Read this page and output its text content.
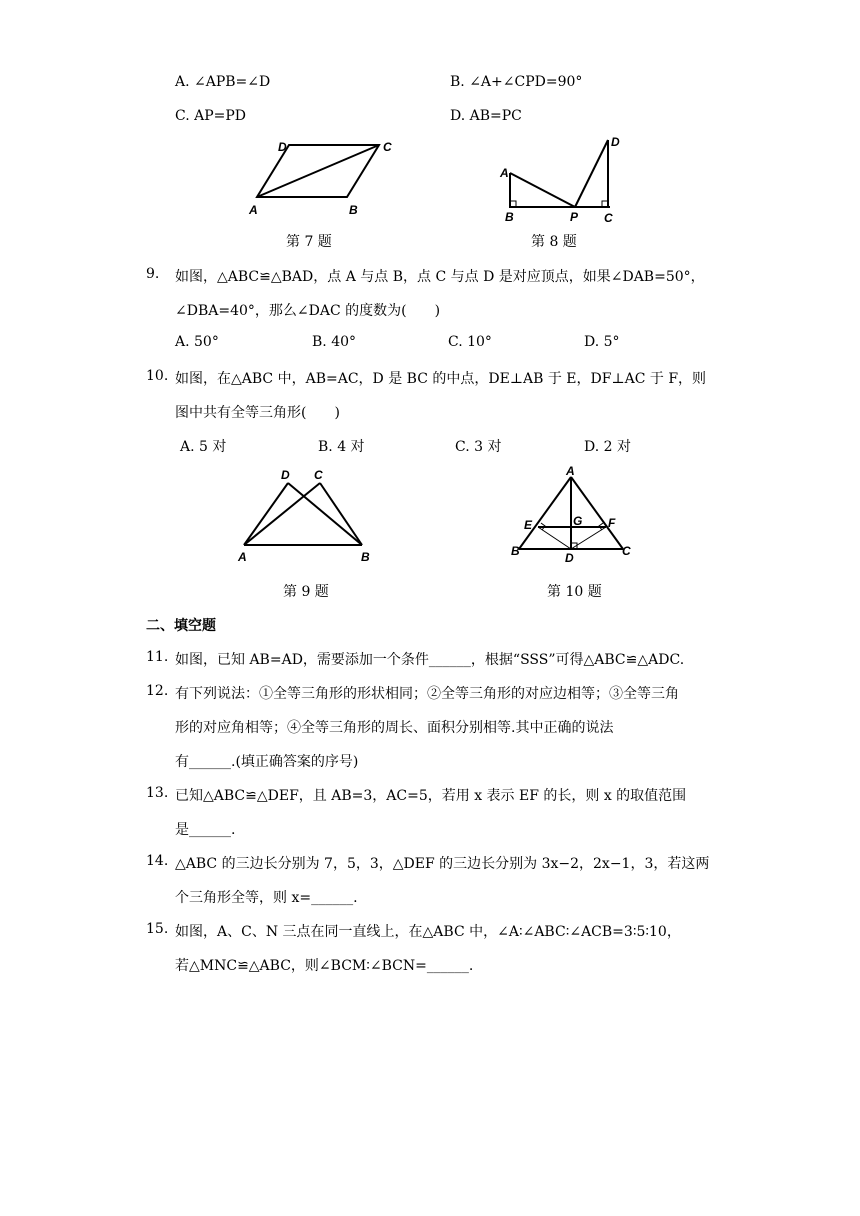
A. ∠APB=∠D	B. ∠A+∠CPD=90°
C. AP=PD	D. AB=PC
A	B
C
D
第 7 题
A
B	P C
D
第 8 题
9. 如图，△ABC≌△BAD，点 A 与点 B，点 C 与点 D 是对应顶点，如果∠DAB=50°，
∠DBA=40°，那么∠DAC 的度数为(　　)
A. 50°	B. 40°	C. 10°	D. 5°
10. 如图，在△ABC 中，AB=AC，D 是 BC 的中点，DE⊥AB 于 E，DF⊥AC 于 F，则
图中共有全等三角形(　　)
A. 5 对	B. 4 对	C. 3 对	D. 2 对
A	B
C
D
第 9 题
E	F
G
A
B	C
D
第 10 题
二、填空题
11. 如图，已知 AB=AD，需要添加一个条件______，根据“SSS”可得△ABC≌△ADC.
12. 有下列说法：①全等三角形的形状相同；②全等三角形的对应边相等；③全等三角
形的对应角相等；④全等三角形的周长、面积分别相等.其中正确的说法
有______.(填正确答案的序号)
13. 已知△ABC≌△DEF，且 AB=3，AC=5，若用 x 表示 EF 的长，则 x 的取值范围
是______.
14. △ABC 的三边长分别为 7，5，3，△DEF 的三边长分别为 3x−2，2x−1，3，若这两
个三角形全等，则 x=______.
15. 如图，A、C、N 三点在同一直线上，在△ABC 中，∠A∶∠ABC∶∠ACB=3∶5∶10，
若△MNC≌△ABC，则∠BCM∶∠BCN=______.
